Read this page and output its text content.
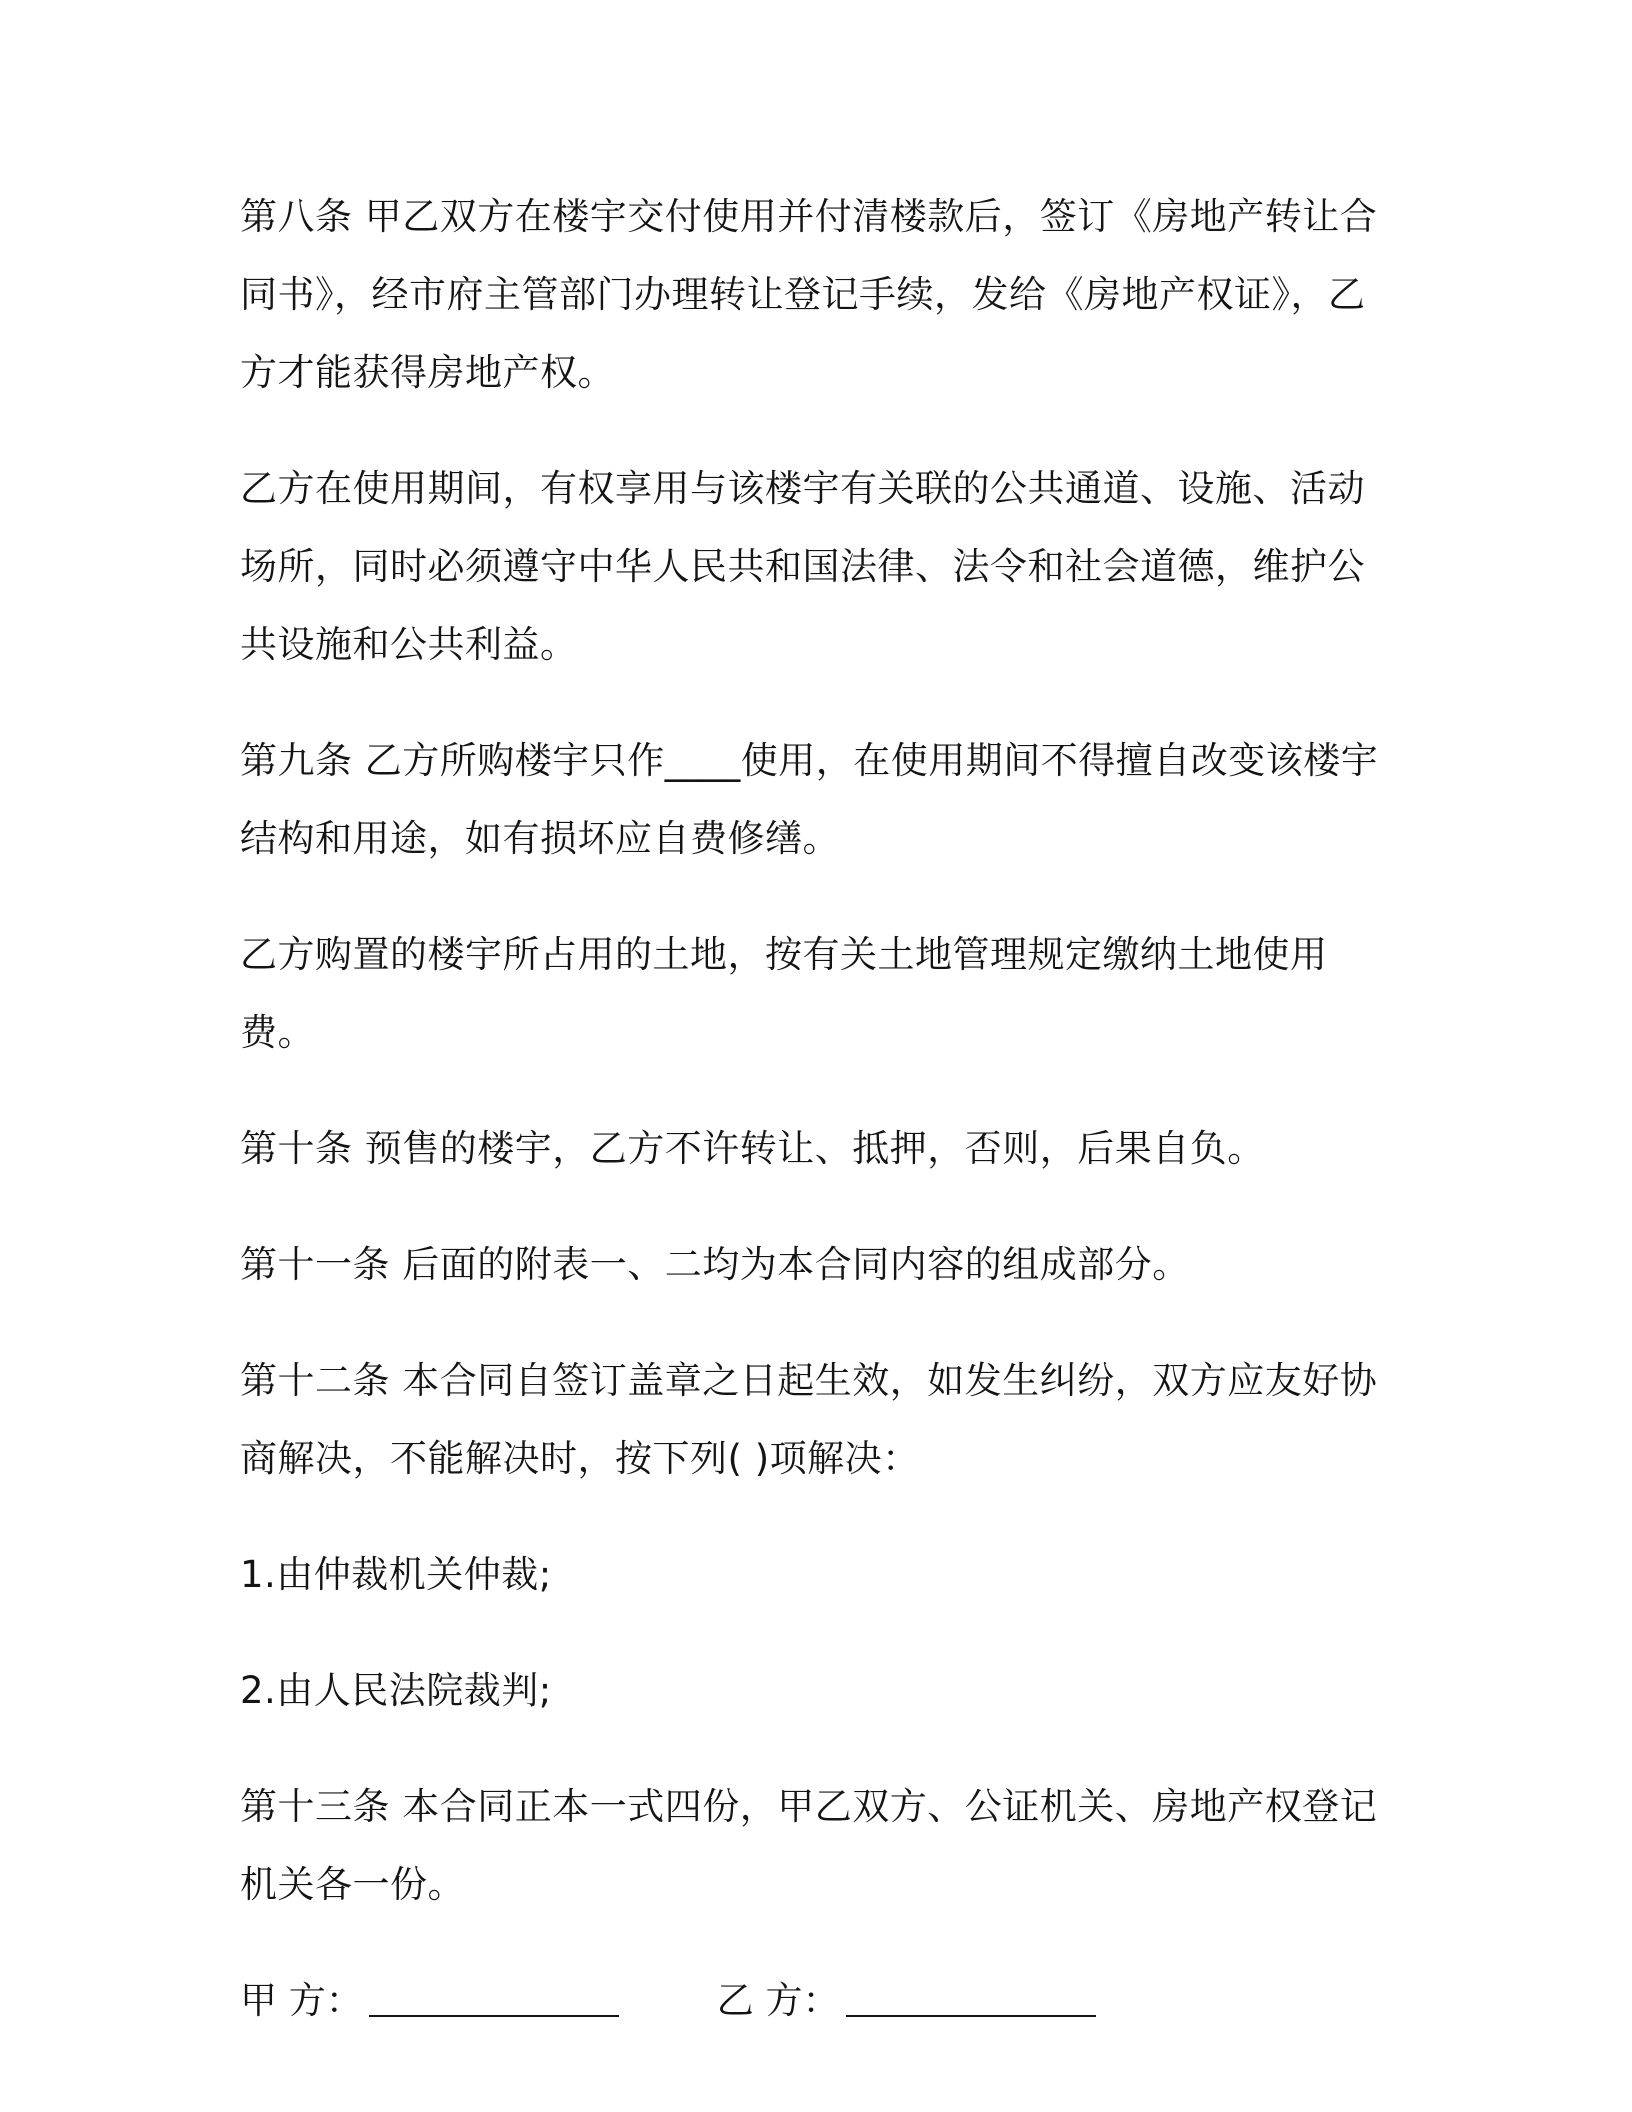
第八条 甲乙双方在楼宇交付使用并付清楼款后，签订《房地产转让合同书》，经市府主管部门办理转让登记手续，发给《房地产权证》，乙方才能获得房地产权。

乙方在使用期间，有权享用与该楼宇有关联的公共通道、设施、活动场所，同时必须遵守中华人民共和国法律、法令和社会道德，维护公共设施和公共利益。

第九条 乙方所购楼宇只作____使用，在使用期间不得擅自改变该楼宇结构和用途，如有损坏应自费修缮。

乙方购置的楼宇所占用的土地，按有关土地管理规定缴纳土地使用费。

第十条 预售的楼宇，乙方不许转让、抵押，否则，后果自负。

第十一条 后面的附表一、二均为本合同内容的组成部分。

第十二条 本合同自签订盖章之日起生效，如发生纠纷，双方应友好协商解决，不能解决时，按下列( )项解决：

1.由仲裁机关仲裁;

2.由人民法院裁判;

第十三条 本合同正本一式四份，甲乙双方、公证机关、房地产权登记机关各一份。

甲 方：	乙 方：
